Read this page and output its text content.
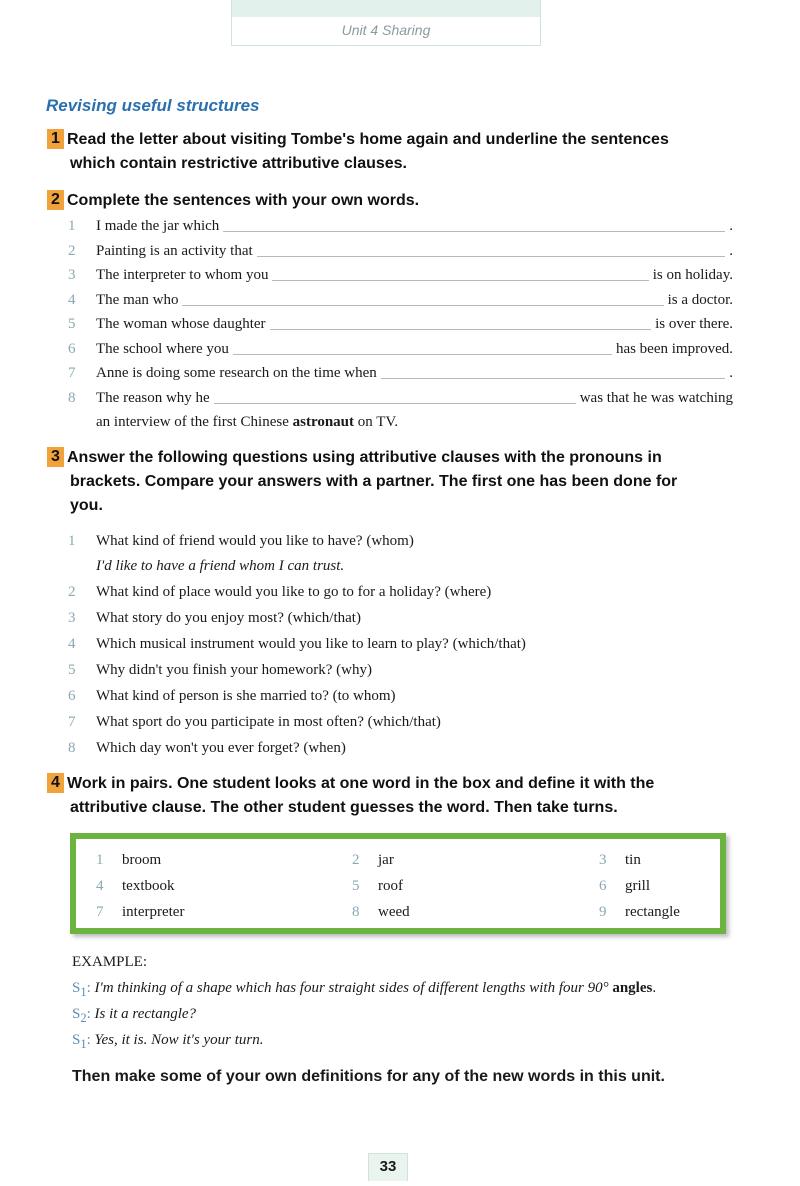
Unit 4 Sharing
Revising useful structures
1 Read the letter about visiting Tombe's home again and underline the sentences
which contain restrictive attributive clauses.
2 Complete the sentences with your own words.
1 I made the jar which	.
2 Painting is an activity that	.
3 The interpreter to whom you	is on holiday.
4 The man who	is a doctor.
5 The woman whose daughter	is over there.
6 The school where you	has been improved.
7 Anne is doing some research on the time when	.
8 The reason why he	was that he was watching
an interview of the first Chinese astronaut on TV.
3 Answer the following questions using attributive clauses with the pronouns in
brackets. Compare your answers with a partner. The first one has been done for
you.
1 What kind of friend would you like to have? (whom)
I'd like to have a friend whom I can trust.
2 What kind of place would you like to go to for a holiday? (where)
3 What story do you enjoy most? (which/that)
4 Which musical instrument would you like to learn to play? (which/that)
5 Why didn't you finish your homework? (why)
6 What kind of person is she married to? (to whom)
7 What sport do you participate in most often? (which/that)
8 Which day won't you ever forget? (when)
4 Work in pairs. One student looks at one word in the box and define it with the
attributive clause. The other student guesses the word. Then take turns.
1 broom	2 jar	3 tin
4 textbook	5 roof	6 grill
7 interpreter	8 weed	9 rectangle
EXAMPLE:
$S_1$: I'm thinking of a shape which has four straight sides of different lengths with four 90° angles.
$S_2$: Is it a rectangle?
$S_1$: Yes, it is. Now it's your turn.
Then make some of your own definitions for any of the new words in this unit.
33
